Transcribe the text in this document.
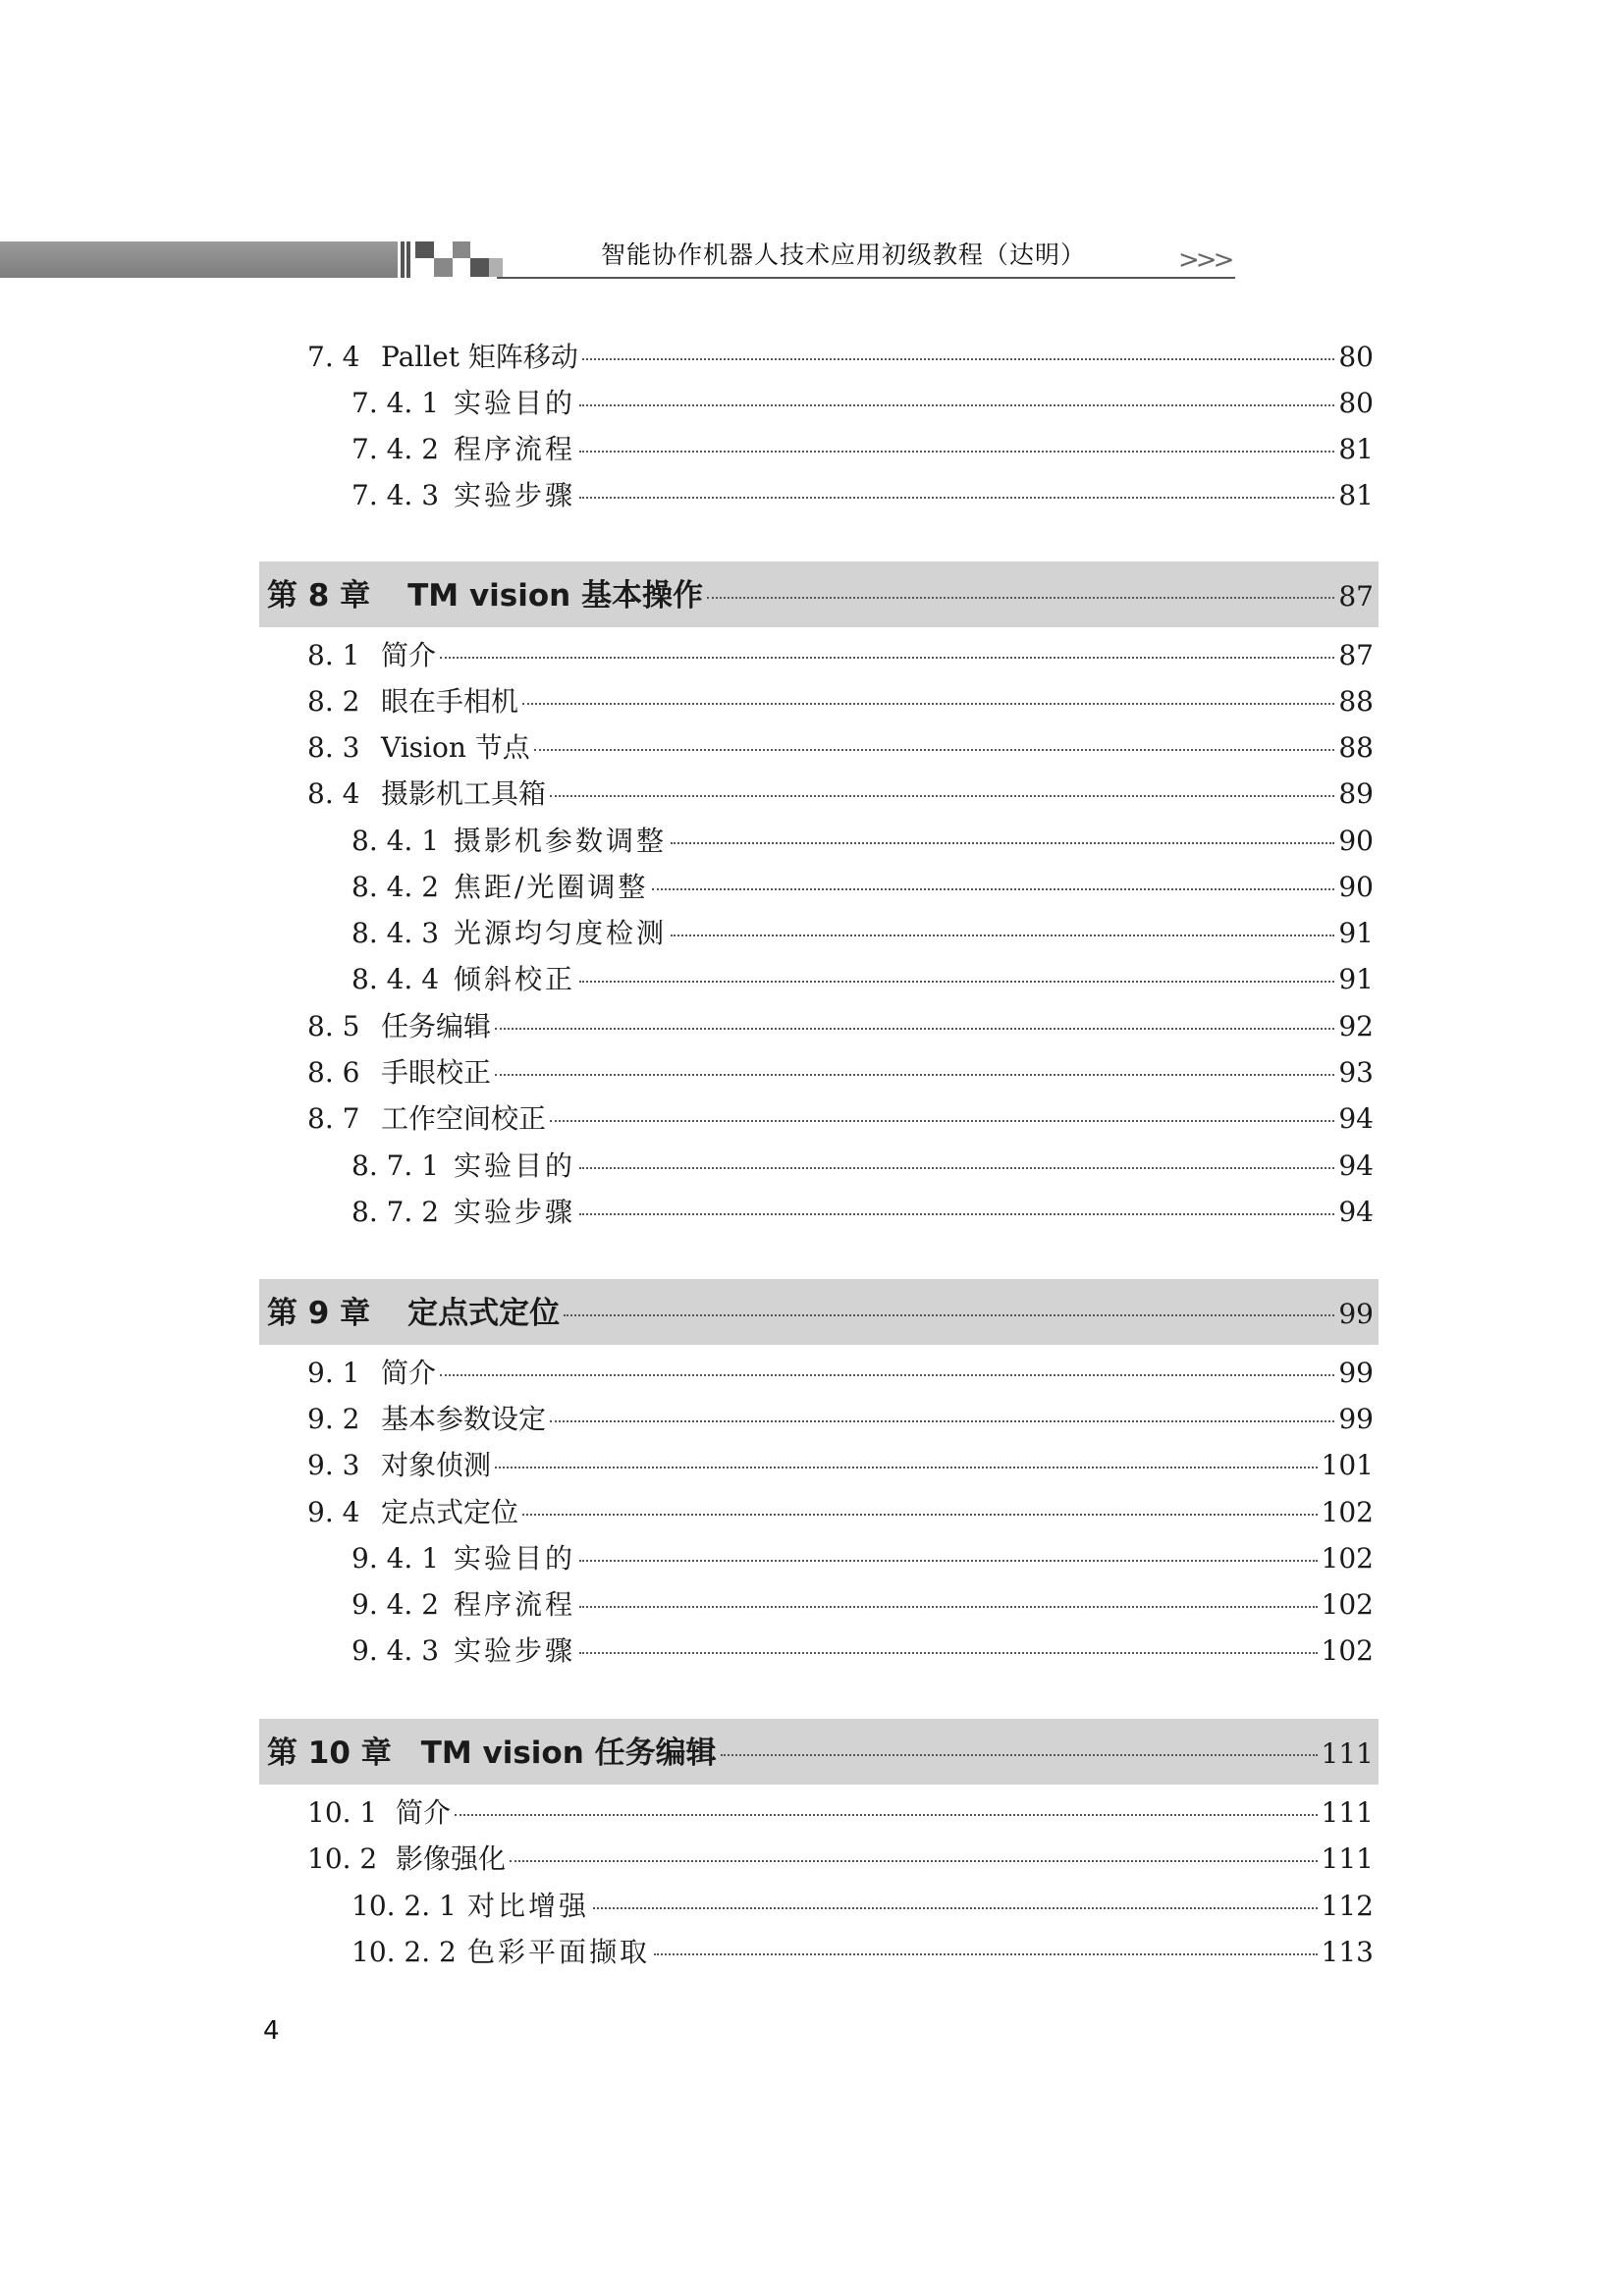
智能协作机器人技术应用初级教程（达明）	>>>
7. 4 Pallet 矩阵移动	80
7. 4. 1 实验目的	80
7. 4. 2 程序流程	81
7. 4. 3 实验步骤	81
第 8 章 TM vision 基本操作	87
8. 1 简介	87
8. 2 眼在手相机	88
8. 3 Vision 节点	88
8. 4 摄影机工具箱	89
8. 4. 1 摄影机参数调整	90
8. 4. 2 焦距/光圈调整	90
8. 4. 3 光源均匀度检测	91
8. 4. 4 倾斜校正	91
8. 5 任务编辑	92
8. 6 手眼校正	93
8. 7 工作空间校正	94
8. 7. 1 实验目的	94
8. 7. 2 实验步骤	94
第 9 章 定点式定位	99
9. 1 简介	99
9. 2 基本参数设定	99
9. 3 对象侦测	101
9. 4 定点式定位	102
9. 4. 1 实验目的	102
9. 4. 2 程序流程	102
9. 4. 3 实验步骤	102
第 10 章 TM vision 任务编辑	111
10. 1 简介	111
10. 2 影像强化	111
10. 2. 1 对比增强	112
10. 2. 2 色彩平面撷取	113
4
